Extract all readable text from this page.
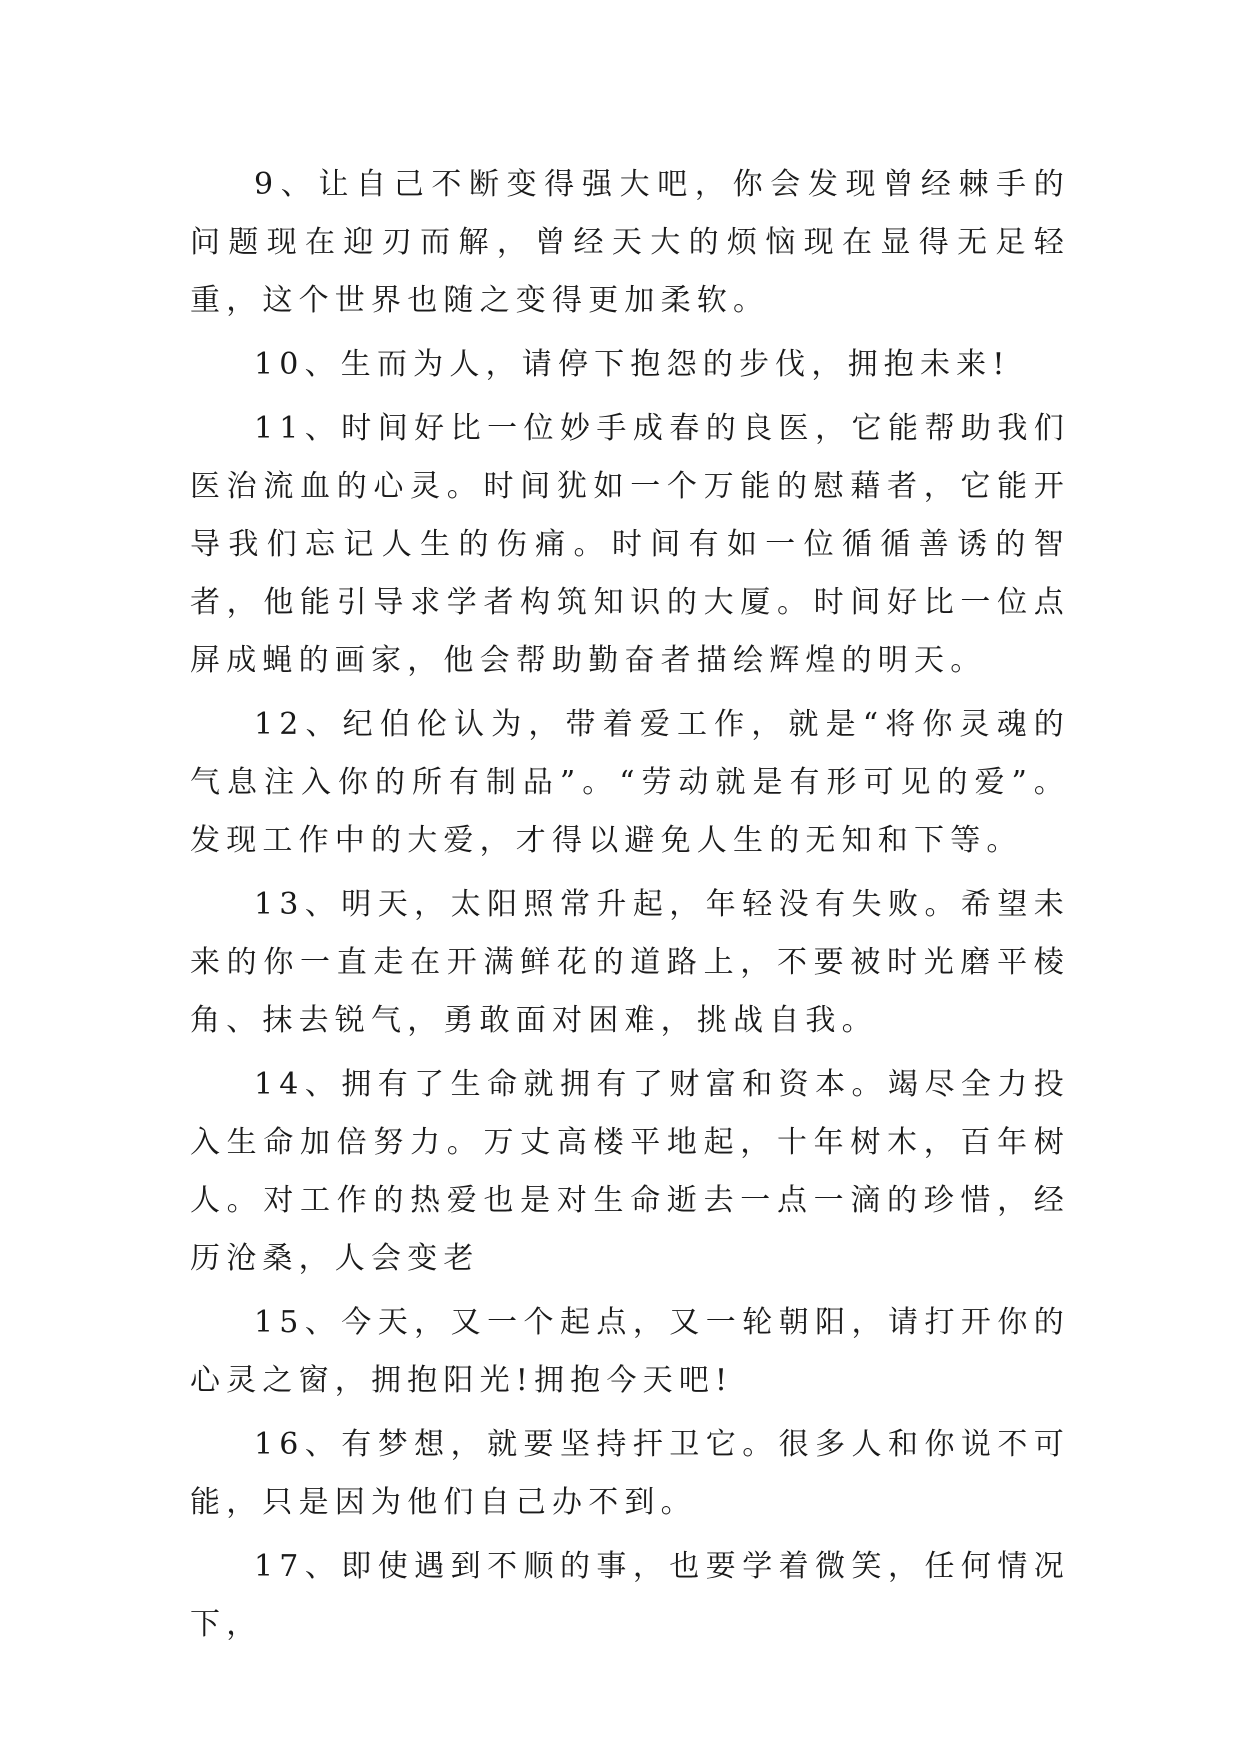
9、让自己不断变得强大吧，你会发现曾经棘手的问题现在迎刃而解，曾经天大的烦恼现在显得无足轻重，这个世界也随之变得更加柔软。

10、生而为人，请停下抱怨的步伐，拥抱未来!

11、时间好比一位妙手成春的良医，它能帮助我们医治流血的心灵。时间犹如一个万能的慰藉者，它能开导我们忘记人生的伤痛。时间有如一位循循善诱的智者，他能引导求学者构筑知识的大厦。时间好比一位点屏成蝇的画家，他会帮助勤奋者描绘辉煌的明天。

12、纪伯伦认为，带着爱工作，就是“将你灵魂的气息注入你的所有制品”。“劳动就是有形可见的爱”。发现工作中的大爱，才得以避免人生的无知和下等。

13、明天，太阳照常升起，年轻没有失败。希望未来的你一直走在开满鲜花的道路上，不要被时光磨平棱角、抹去锐气，勇敢面对困难，挑战自我。

14、拥有了生命就拥有了财富和资本。竭尽全力投入生命加倍努力。万丈高楼平地起，十年树木，百年树人。对工作的热爱也是对生命逝去一点一滴的珍惜，经历沧桑，人会变老

15、今天，又一个起点，又一轮朝阳，请打开你的心灵之窗，拥抱阳光!拥抱今天吧!

16、有梦想，就要坚持扞卫它。很多人和你说不可能，只是因为他们自己办不到。

17、即使遇到不顺的事，也要学着微笑，任何情况下，
